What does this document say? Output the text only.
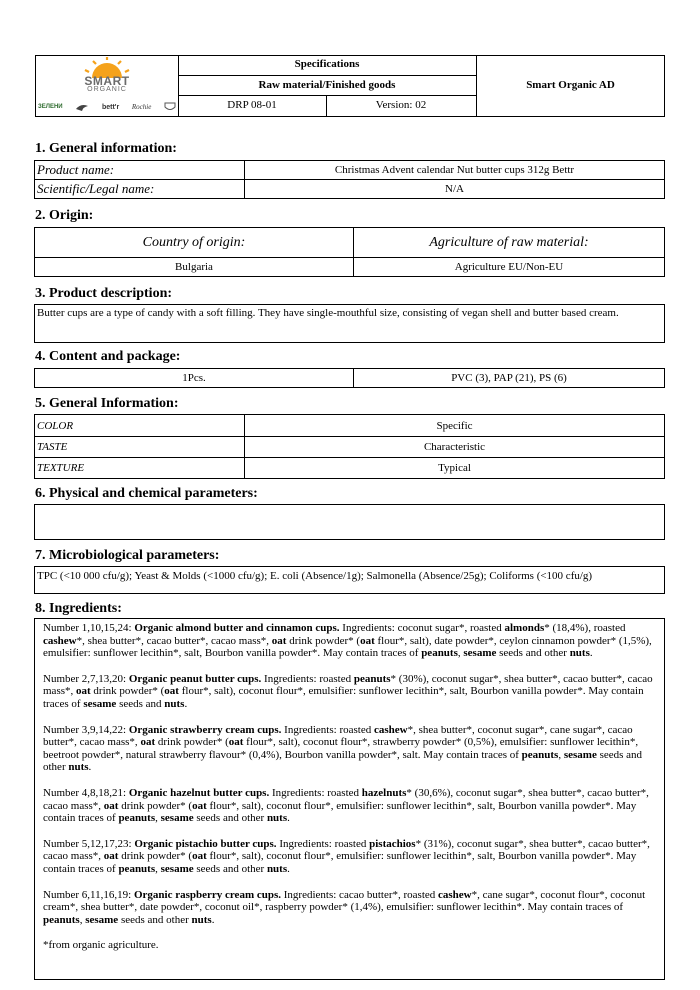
SMART
ORGANIC
ЗЕЛЕНИ	bett'r Rochie
Specifications
Raw material/Finished goods
DRP 08-01	Version: 02
Smart Organic AD
1. General information:
Product name:	Christmas Advent calendar Nut butter cups 312g Bettr
Scientific/Legal name:	N/A
2. Origin:
Country of origin:	Agriculture of raw material:
Bulgaria	Agriculture EU/Non-EU
3. Product description:
Butter cups are a type of candy with a soft filling. They have single-mouthful size, consisting of vegan shell and butter based cream.
4. Content and package:
1Pcs.	PVC (3), PAP (21), PS (6)
5. General Information:
COLOR	Specific
TASTE	Characteristic
TEXTURE	Typical
6. Physical and chemical parameters:
7. Microbiological parameters:
TPC (<10 000 cfu/g); Yeast & Molds (<1000 cfu/g); E. coli (Absence/1g); Salmonella (Absence/25g); Coliforms (<100 cfu/g)
8. Ingredients:

Number 1,10,15,24: Organic almond butter and cinnamon cups. Ingredients: coconut sugar*, roasted almonds* (18,4%), roasted cashew*, shea butter*, cacao butter*, cacao mass*, oat drink powder* (oat flour*, salt), date powder*, ceylon cinnamon powder* (1,5%), emulsifier: sunflower lecithin*, salt, Bourbon vanilla powder*. May contain traces of peanuts, sesame seeds and other nuts.

Number 2,7,13,20: Organic peanut butter cups. Ingredients: roasted peanuts* (30%), coconut sugar*, shea butter*, cacao butter*, cacao mass*, oat drink powder* (oat flour*, salt), coconut flour*, emulsifier: sunflower lecithin*, salt, Bourbon vanilla powder*. May contain traces of sesame seeds and nuts.

Number 3,9,14,22: Organic strawberry cream cups. Ingredients: roasted cashew*, shea butter*, coconut sugar*, cane sugar*, cacao butter*, cacao mass*, oat drink powder* (oat flour*, salt), coconut flour*, strawberry powder* (0,5%), emulsifier: sunflower lecithin*, beetroot powder*, natural strawberry flavour* (0,4%), Bourbon vanilla powder*, salt. May contain traces of peanuts, sesame seeds and other nuts.

Number 4,8,18,21: Organic hazelnut butter cups. Ingredients: roasted hazelnuts* (30,6%), coconut sugar*, shea butter*, cacao butter*, cacao mass*, oat drink powder* (oat flour*, salt), coconut flour*, emulsifier: sunflower lecithin*, salt, Bourbon vanilla powder*. May contain traces of peanuts, sesame seeds and other nuts.

Number 5,12,17,23: Organic pistachio butter cups. Ingredients: roasted pistachios* (31%), coconut sugar*, shea butter*, cacao butter*, cacao mass*, oat drink powder* (oat flour*, salt), coconut flour*, emulsifier: sunflower lecithin*, salt, Bourbon vanilla powder*. May contain traces of peanuts, sesame seeds and other nuts.

Number 6,11,16,19: Organic raspberry cream cups. Ingredients: cacao butter*, roasted cashew*, cane sugar*, coconut flour*, coconut cream*, shea butter*, date powder*, coconut oil*, raspberry powder* (1,4%), emulsifier: sunflower lecithin*. May contain traces of peanuts, sesame seeds and other nuts.

*from organic agriculture.
